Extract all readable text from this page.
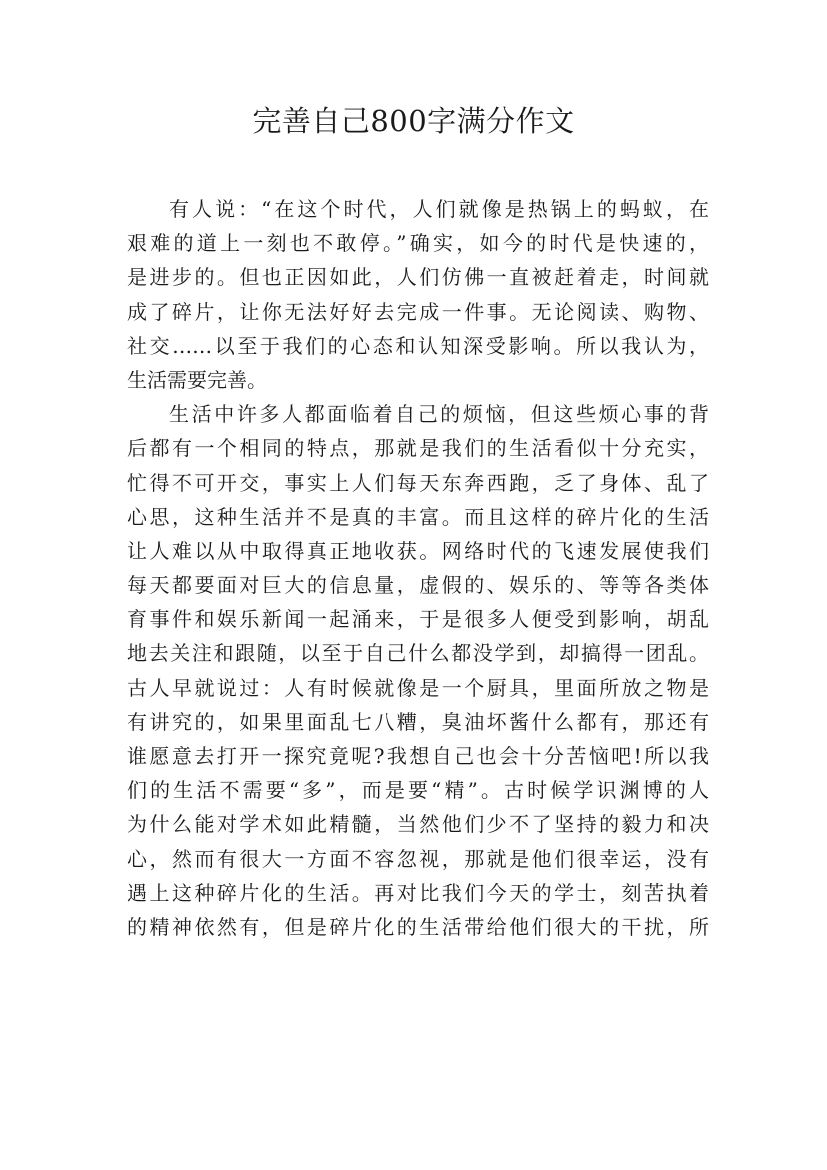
完善自己800字满分作文
有人说：“在这个时代，人们就像是热锅上的蚂蚁，在
艰难的道上一刻也不敢停。”确实，如今的时代是快速的，
是进步的。但也正因如此，人们仿佛一直被赶着走，时间就
成了碎片，让你无法好好去完成一件事。无论阅读、购物、
社交……以至于我们的心态和认知深受影响。所以我认为，
生活需要完善。
生活中许多人都面临着自己的烦恼，但这些烦心事的背
后都有一个相同的特点，那就是我们的生活看似十分充实，
忙得不可开交，事实上人们每天东奔西跑，乏了身体、乱了
心思，这种生活并不是真的丰富。而且这样的碎片化的生活
让人难以从中取得真正地收获。网络时代的飞速发展使我们
每天都要面对巨大的信息量，虚假的、娱乐的、等等各类体
育事件和娱乐新闻一起涌来，于是很多人便受到影响，胡乱
地去关注和跟随，以至于自己什么都没学到，却搞得一团乱。
古人早就说过：人有时候就像是一个厨具，里面所放之物是
有讲究的，如果里面乱七八糟，臭油坏酱什么都有，那还有
谁愿意去打开一探究竟呢?我想自己也会十分苦恼吧!所以我
们的生活不需要“多”，而是要“精”。古时候学识渊博的人
为什么能对学术如此精髓，当然他们少不了坚持的毅力和决
心，然而有很大一方面不容忽视，那就是他们很幸运，没有
遇上这种碎片化的生活。再对比我们今天的学士，刻苦执着
的精神依然有，但是碎片化的生活带给他们很大的干扰，所
